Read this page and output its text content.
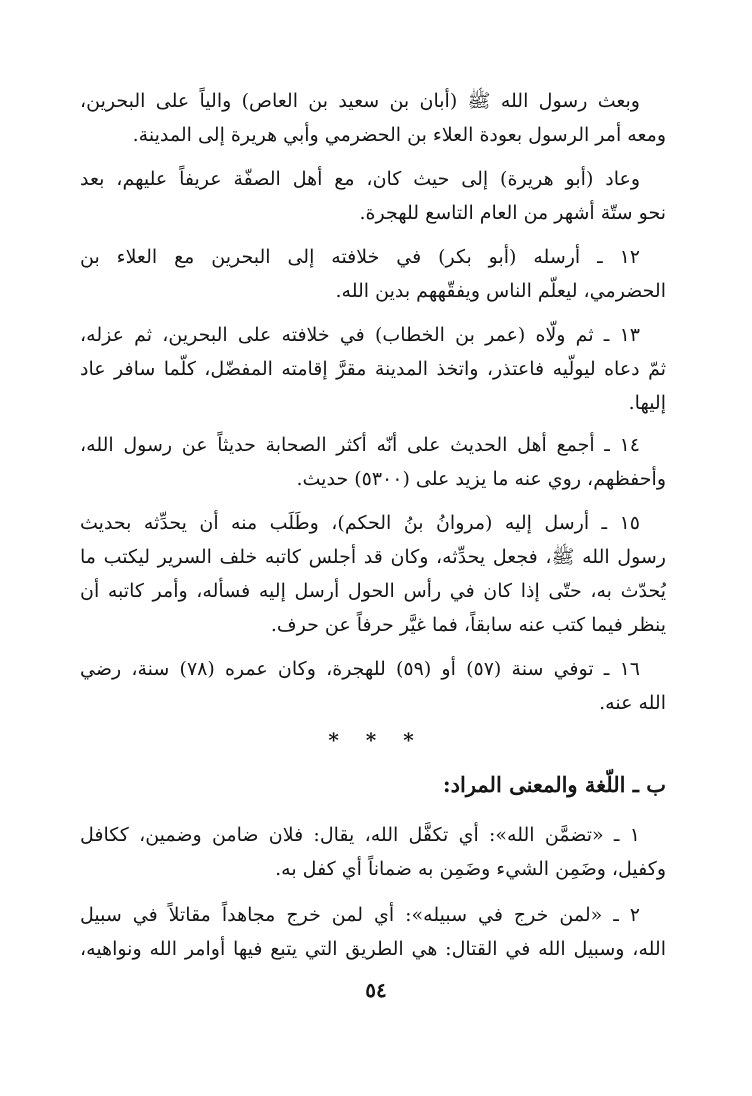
وبعث رسول الله ﷺ (أبان بن سعيد بن العاص) والياً على البحرين،
ومعه أمر الرسول بعودة العلاء بن الحضرمي وأبي هريرة إلى المدينة.
وعاد (أبو هريرة) إلى حيث كان، مع أهل الصفّة عريفاً عليهم، بعد
نحو ستّة أشهر من العام التاسع للهجرة.
١٢ ـ أرسله (أبو بكر) في خلافته إلى البحرين مع العلاء بن
الحضرمي، ليعلّم الناس ويفقّههم بدين الله.
١٣ ـ ثم ولّاه (عمر بن الخطاب) في خلافته على البحرين، ثم عزله،
ثمّ دعاه ليولّيه فاعتذر، واتخذ المدينة مقرَّ إقامته المفضّل، كلّما سافر عاد
إليها.
١٤ ـ أجمع أهل الحديث على أنّه أكثر الصحابة حديثاً عن رسول الله،
وأحفظهم، روي عنه ما يزيد على (٥٣٠٠) حديث.
١٥ ـ أرسل إليه (مروانُ بنُ الحكم)، وطَلَب منه أن يحدِّثه بحديث
رسول الله ﷺ، فجعل يحدِّثه، وكان قد أجلس كاتبه خلف السرير ليكتب ما
يُحدّث به، حتّى إذا كان في رأس الحول أرسل إليه فسأله، وأمر كاتبه أن
ينظر فيما كتب عنه سابقاً، فما غيَّر حرفاً عن حرف.
١٦ ـ توفي سنة (٥٧) أو (٥٩) للهجرة، وكان عمره (٧٨) سنة، رضي
الله عنه.
* * *
ب ـ اللّغة والمعنى المراد:
١ ـ «تضمَّن الله»: أي تكفَّل الله، يقال: فلان ضامن وضمين، ككافل
وكفيل، وضَمِن الشيء وضَمِن به ضماناً أي كفل به.
٢ ـ «لمن خرج في سبيله»: أي لمن خرج مجاهداً مقاتلاً في سبيل
الله، وسبيل الله في القتال: هي الطريق التي يتبع فيها أوامر الله ونواهيه،
٥٤
